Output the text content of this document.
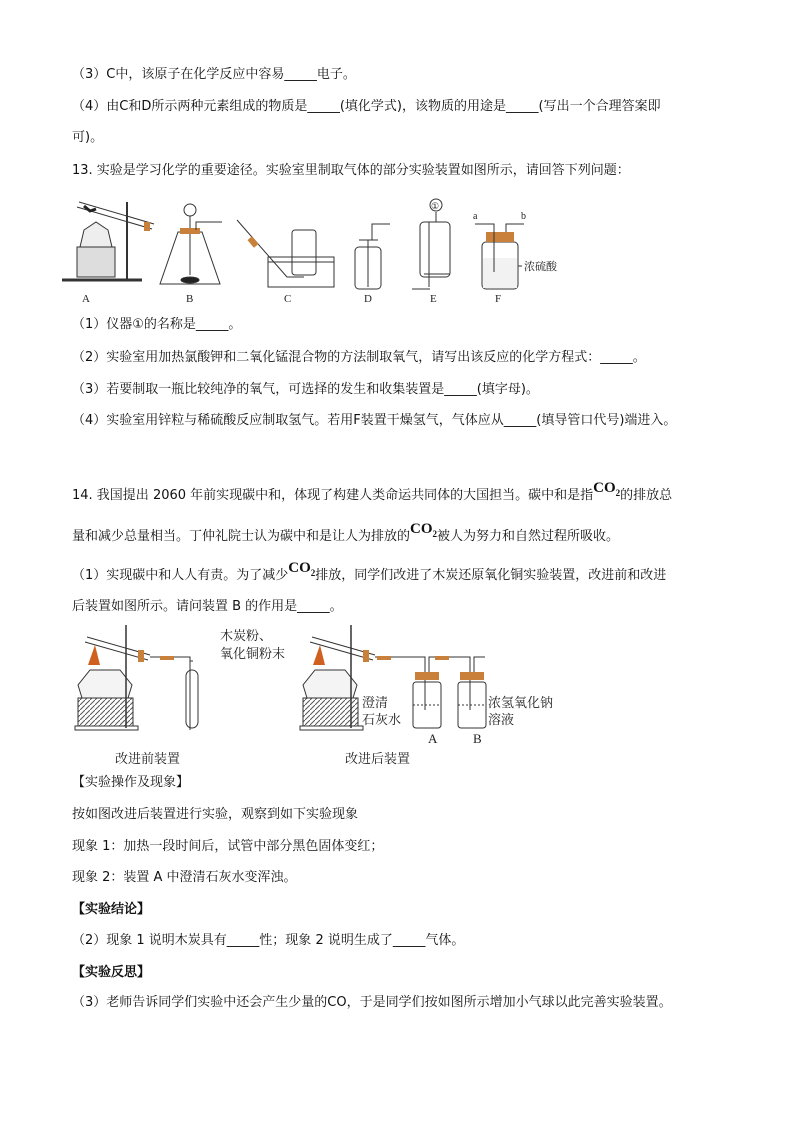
（3）C中，该原子在化学反应中容易_____电子。
（4）由C和D所示两种元素组成的物质是_____(填化学式)，该物质的用途是_____(写出一个合理答案即
可)。
13. 实验是学习化学的重要途径。实验室里制取气体的部分实验装置如图所示，请回答下列问题：
A	B	C	D	E	F
①
a	b
浓硫酸
（1）仪器①的名称是_____。
（2）实验室用加热氯酸钾和二氧化锰混合物的方法制取氧气，请写出该反应的化学方程式：_____。
（3）若要制取一瓶比较纯净的氧气，可选择的发生和收集装置是_____(填字母)。
（4）实验室用锌粒与稀硫酸反应制取氢气。若用F装置干燥氢气，气体应从_____(填导管口代号)端进入。
14. 我国提出 2060 年前实现碳中和，体现了构建人类命运共同体的大国担当。碳中和是指$CO_2$的排放总
量和减少总量相当。丁仲礼院士认为碳中和是让人为排放的$CO_2$被人为努力和自然过程所吸收。
（1）实现碳中和人人有责。为了减少$CO_2$排放，同学们改进了木炭还原氧化铜实验装置，改进前和改进
后装置如图所示。请问装置 B 的作用是_____。
改进前装置	改进后装置
木炭粉、
氧化铜粉末
澄清
石灰水
浓氢氧化钠
溶液
A	B
【实验操作及现象】
按如图改进后装置进行实验，观察到如下实验现象
现象 1：加热一段时间后，试管中部分黑色固体变红；
现象 2：装置 A 中澄清石灰水变浑浊。
【实验结论】
（2）现象 1 说明木炭具有_____性；现象 2 说明生成了_____气体。
【实验反思】
（3）老师告诉同学们实验中还会产生少量的CO，于是同学们按如图所示增加小气球以此完善实验装置。
